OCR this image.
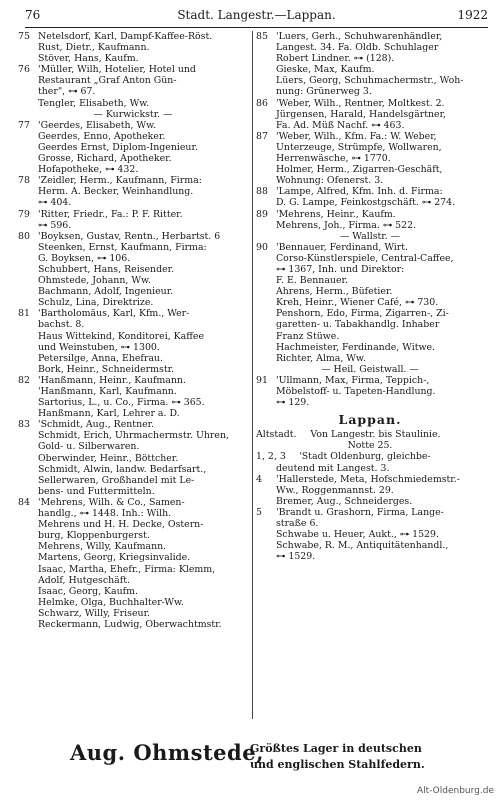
76	Stadt. Langestr.—Lappan.	1922
75 Netelsdorf, Karl, Dampf-Kaffee-Röst.
Rust, Dietr., Kaufmann.
Stöver, Hans, Kaufm.
76 'Müller, Wilh, Hotelier, Hotel und
Restaurant „Graf Anton Gün-
ther", ⊶ 67.
Tengler, Elisabeth, Ww.
— Kurwickstr. —
77 'Geerdes, Elisabeth, Ww.
Geerdes, Enno, Apotheker.
Geerdes Ernst, Diplom-Ingenieur.
Grosse, Richard, Apotheker.
Hofapotheke, ⊶ 432.
78 'Zeidler, Herm., Kaufmann, Firma:
Herm. A. Becker, Weinhandlung.
⊶ 404.
79 'Ritter, Friedr., Fa.: P. F. Ritter.
⊶ 596.
80 'Boyksen, Gustav, Rentn., Herbartst. 6
Steenken, Ernst, Kaufmann, Firma:
G. Boyksen, ⊶ 106.
Schubbert, Hans, Reisender.
Ohmstede, Johann, Ww.
Bachmann, Adolf, Ingenieur.
Schulz, Lina, Direktrize.
81 'Bartholomäus, Karl, Kfm., Wer-
bachst. 8.
Haus Wittekind, Konditorei, Kaffee
und Weinstuben, ⊶ 1300.
Petersilge, Anna, Ehefrau.
Bork, Heinr., Schneidermstr.
82 'Hanßmann, Heinr., Kaufmann.
'Hanßmann, Karl, Kaufmann.
Sartorius, L., u. Co., Firma. ⊶ 365.
Hanßmann, Karl, Lehrer a. D.
83 'Schmidt, Aug., Rentner.
Schmidt, Erich, Uhrmachermstr. Uhren,
Gold- u. Silberwaren.
Oberwinder, Heinr., Böttcher.
Schmidt, Alwin, landw. Bedarfsart.,
Sellerwaren, Großhandel mit Le-
bens- und Futtermitteln.
84 'Mehrens, Wilh. & Co., Samen-
handlg., ⊶ 1448. Inh.: Wilh.
Mehrens und H. H. Decke, Ostern-
burg, Kloppenburgerst.
Mehrens, Willy, Kaufmann.
Martens, Georg, Kriegsinvalide.
Isaac, Martha, Ehefr., Firma: Klemm,
Adolf, Hutgeschäft.
Isaac, Georg, Kaufm.
Helmke, Olga, Buchhalter-Ww.
Schwarz, Willy, Friseur.
Reckermann, Ludwig, Oberwachtmstr.
85 'Luers, Gerh., Schuhwarenhändler,
Langest. 34. Fa. Oldb. Schuhlager
Robert Lindner. ⊶ (128).
Gieske, Max, Kaufm.
Lüers, Georg, Schuhmachermstr., Woh-
nung: Grünerweg 3.
86 'Weber, Wilh., Rentner, Moltkest. 2.
Jürgensen, Harald, Handelsgärtner,
Fa. Ad. Müß Nachf. ⊶ 463.
87 'Weber, Wilh., Kfm. Fa.: W. Weber,
Unterzeuge, Strümpfe, Wollwaren,
Herrenwäsche, ⊶ 1770.
Holmer, Herm., Zigarren-Geschäft,
Wohnung: Ofenerst. 3.
88 'Lampe, Alfred, Kfm. Inh. d. Firma:
D. G. Lampe, Feinkostgschäft. ⊶ 274.
89 'Mehrens, Heinr., Kaufm.
Mehrens, Joh., Firma. ⊶ 522.
— Wallstr. —
90 'Bennauer, Ferdinand, Wirt.
Corso-Künstlerspiele, Central-Caffee,
⊶ 1367, Inh. und Direktor:
F. E. Bennauer.
Ahrens, Herm., Büfetier.
Kreh, Heinr., Wiener Café, ⊶ 730.
Penshorn, Edo, Firma, Zigarren-, Zi-
garetten- u. Tabakhandlg. Inhaber
Franz Stüwe.
Hachmeister, Ferdinande, Witwe.
Richter, Alma, Ww.
— Heil. Geistwall. —
91 'Ullmann, Max, Firma, Teppich-,
Möbelstoff- u. Tapeten-Handlung.
⊶ 129.
Lappan.
Altstadt. Von Langestr. bis Staulinie.
Notte 25.
1, 2, 3 'Stadt Oldenburg, gleichbe-
deutend mit Langest. 3.
4 'Hallerstede, Meta, Hofschmiedemstr.-
Ww., Roggenmannst. 29.
Bremer, Aug., Schneiderges.
5 'Brandt u. Grashorn, Firma, Lange-
straße 6.
Schwabe u. Heuer, Aukt., ⊶ 1529.
Schwabe, R. M., Antiquitätenhandl.,
⊶ 1529.
Aug. Ohmstede,
Größtes Lager in deutschen
und englischen Stahlfedern.
Alt-Oldenburg.de
